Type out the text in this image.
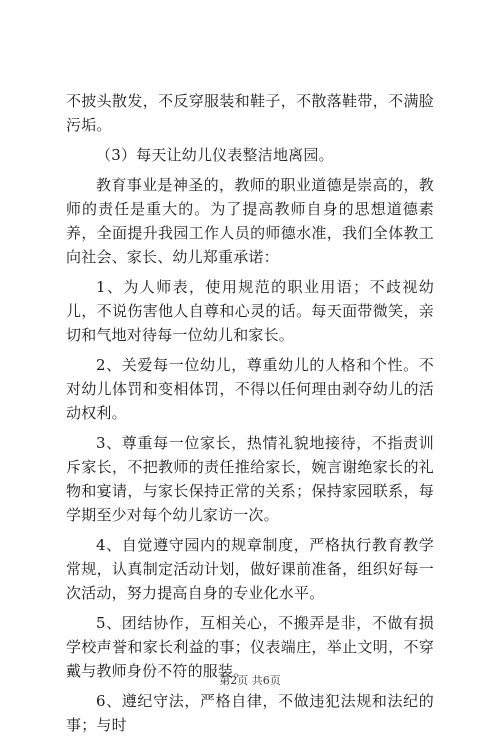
不披头散发，不反穿服装和鞋子，不散落鞋带，不满脸污垢。

（3）每天让幼儿仪表整洁地离园。

教育事业是神圣的，教师的职业道德是崇高的，教师的责任是重大的。为了提高教师自身的思想道德素养，全面提升我园工作人员的师德水准，我们全体教工向社会、家长、幼儿郑重承诺：

1、为人师表，使用规范的职业用语；不歧视幼儿，不说伤害他人自尊和心灵的话。每天面带微笑，亲切和气地对待每一位幼儿和家长。

2、关爱每一位幼儿，尊重幼儿的人格和个性。不对幼儿体罚和变相体罚，不得以任何理由剥夺幼儿的活动权利。

3、尊重每一位家长，热情礼貌地接待，不指责训斥家长，不把教师的责任推给家长，婉言谢绝家长的礼物和宴请，与家长保持正常的关系；保持家园联系，每学期至少对每个幼儿家访一次。

4、自觉遵守园内的规章制度，严格执行教育教学常规，认真制定活动计划，做好课前准备，组织好每一次活动，努力提高自身的专业化水平。

5、团结协作，互相关心，不搬弄是非，不做有损学校声誉和家长利益的事；仪表端庄，举止文明，不穿戴与教师身份不符的服装。

6、遵纪守法，严格自律，不做违犯法规和法纪的事；与时

第2页 共6页
